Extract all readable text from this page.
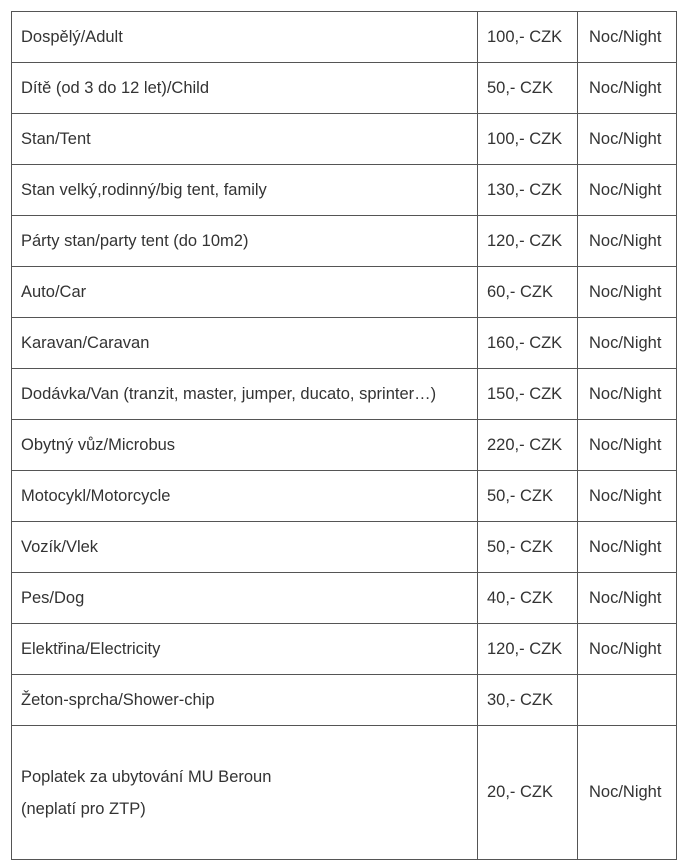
Dospělý/Adult	100,- CZK	Noc/Night
Dítě (od 3 do 12 let)/Child	50,- CZK	Noc/Night
Stan/Tent	100,- CZK	Noc/Night
Stan velký,rodinný/big tent, family	130,- CZK	Noc/Night
Párty stan/party tent (do 10m2)	120,- CZK	Noc/Night
Auto/Car	60,- CZK	Noc/Night
Karavan/Caravan	160,- CZK	Noc/Night
Dodávka/Van (tranzit, master, jumper, ducato, sprinter…)	150,- CZK	Noc/Night
Obytný vůz/Microbus	220,- CZK	Noc/Night
Motocykl/Motorcycle	50,- CZK	Noc/Night
Vozík/Vlek	50,- CZK	Noc/Night
Pes/Dog	40,- CZK	Noc/Night
Elektřina/Electricity	120,- CZK	Noc/Night
Žeton-sprcha/Shower-chip	30,- CZK	

Poplatek za ubytování MU Beroun
(neplatí pro ZTP)	20,- CZK	Noc/Night
